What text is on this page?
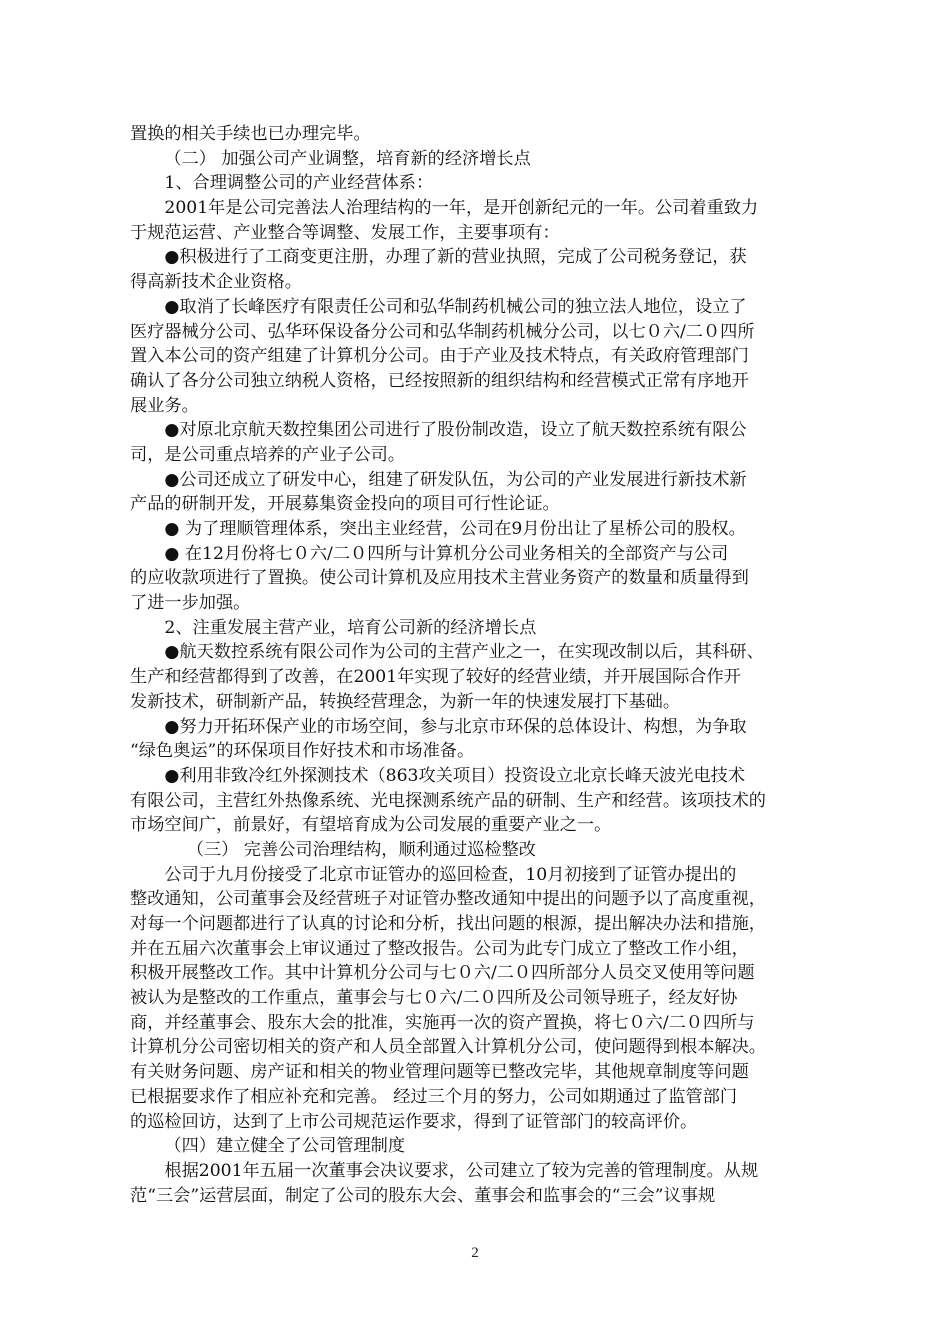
置换的相关手续也已办理完毕。
（二） 加强公司产业调整，培育新的经济增长点
1、合理调整公司的产业经营体系：
2001年是公司完善法人治理结构的一年，是开创新纪元的一年。公司着重致力
于规范运营、产业整合等调整、发展工作，主要事项有：
●积极进行了工商变更注册，办理了新的营业执照，完成了公司税务登记，获
得高新技术企业资格。
●取消了长峰医疗有限责任公司和弘华制药机械公司的独立法人地位，设立了
医疗器械分公司、弘华环保设备分公司和弘华制药机械分公司，以七０六/二０四所
置入本公司的资产组建了计算机分公司。由于产业及技术特点，有关政府管理部门
确认了各分公司独立纳税人资格，已经按照新的组织结构和经营模式正常有序地开
展业务。
●对原北京航天数控集团公司进行了股份制改造，设立了航天数控系统有限公
司，是公司重点培养的产业子公司。
●公司还成立了研发中心，组建了研发队伍，为公司的产业发展进行新技术新
产品的研制开发，开展募集资金投向的项目可行性论证。
● 为了理顺管理体系，突出主业经营，公司在9月份出让了星桥公司的股权。
● 在12月份将七０六/二０四所与计算机分公司业务相关的全部资产与公司
的应收款项进行了置换。使公司计算机及应用技术主营业务资产的数量和质量得到
了进一步加强。
2、注重发展主营产业，培育公司新的经济增长点
●航天数控系统有限公司作为公司的主营产业之一，在实现改制以后，其科研、
生产和经营都得到了改善，在2001年实现了较好的经营业绩，并开展国际合作开
发新技术，研制新产品，转换经营理念，为新一年的快速发展打下基础。
●努力开拓环保产业的市场空间，参与北京市环保的总体设计、构想，为争取
“绿色奥运”的环保项目作好技术和市场准备。
●利用非致冷红外探测技术（863攻关项目）投资设立北京长峰天波光电技术
有限公司，主营红外热像系统、光电探测系统产品的研制、生产和经营。该项技术的
市场空间广，前景好，有望培育成为公司发展的重要产业之一。
（三） 完善公司治理结构，顺利通过巡检整改
公司于九月份接受了北京市证管办的巡回检查，10月初接到了证管办提出的
整改通知，公司董事会及经营班子对证管办整改通知中提出的问题予以了高度重视，
对每一个问题都进行了认真的讨论和分析，找出问题的根源，提出解决办法和措施，
并在五届六次董事会上审议通过了整改报告。公司为此专门成立了整改工作小组，
积极开展整改工作。其中计算机分公司与七０六/二０四所部分人员交叉使用等问题
被认为是整改的工作重点，董事会与七０六/二０四所及公司领导班子，经友好协
商，并经董事会、股东大会的批准，实施再一次的资产置换，将七０六/二０四所与
计算机分公司密切相关的资产和人员全部置入计算机分公司，使问题得到根本解决。
有关财务问题、房产证和相关的物业管理问题等已整改完毕，其他规章制度等问题
已根据要求作了相应补充和完善。 经过三个月的努力，公司如期通过了监管部门
的巡检回访，达到了上市公司规范运作要求，得到了证管部门的较高评价。
（四）建立健全了公司管理制度
根据2001年五届一次董事会决议要求，公司建立了较为完善的管理制度。从规
范“三会”运营层面，制定了公司的股东大会、董事会和监事会的“三会”议事规
2
